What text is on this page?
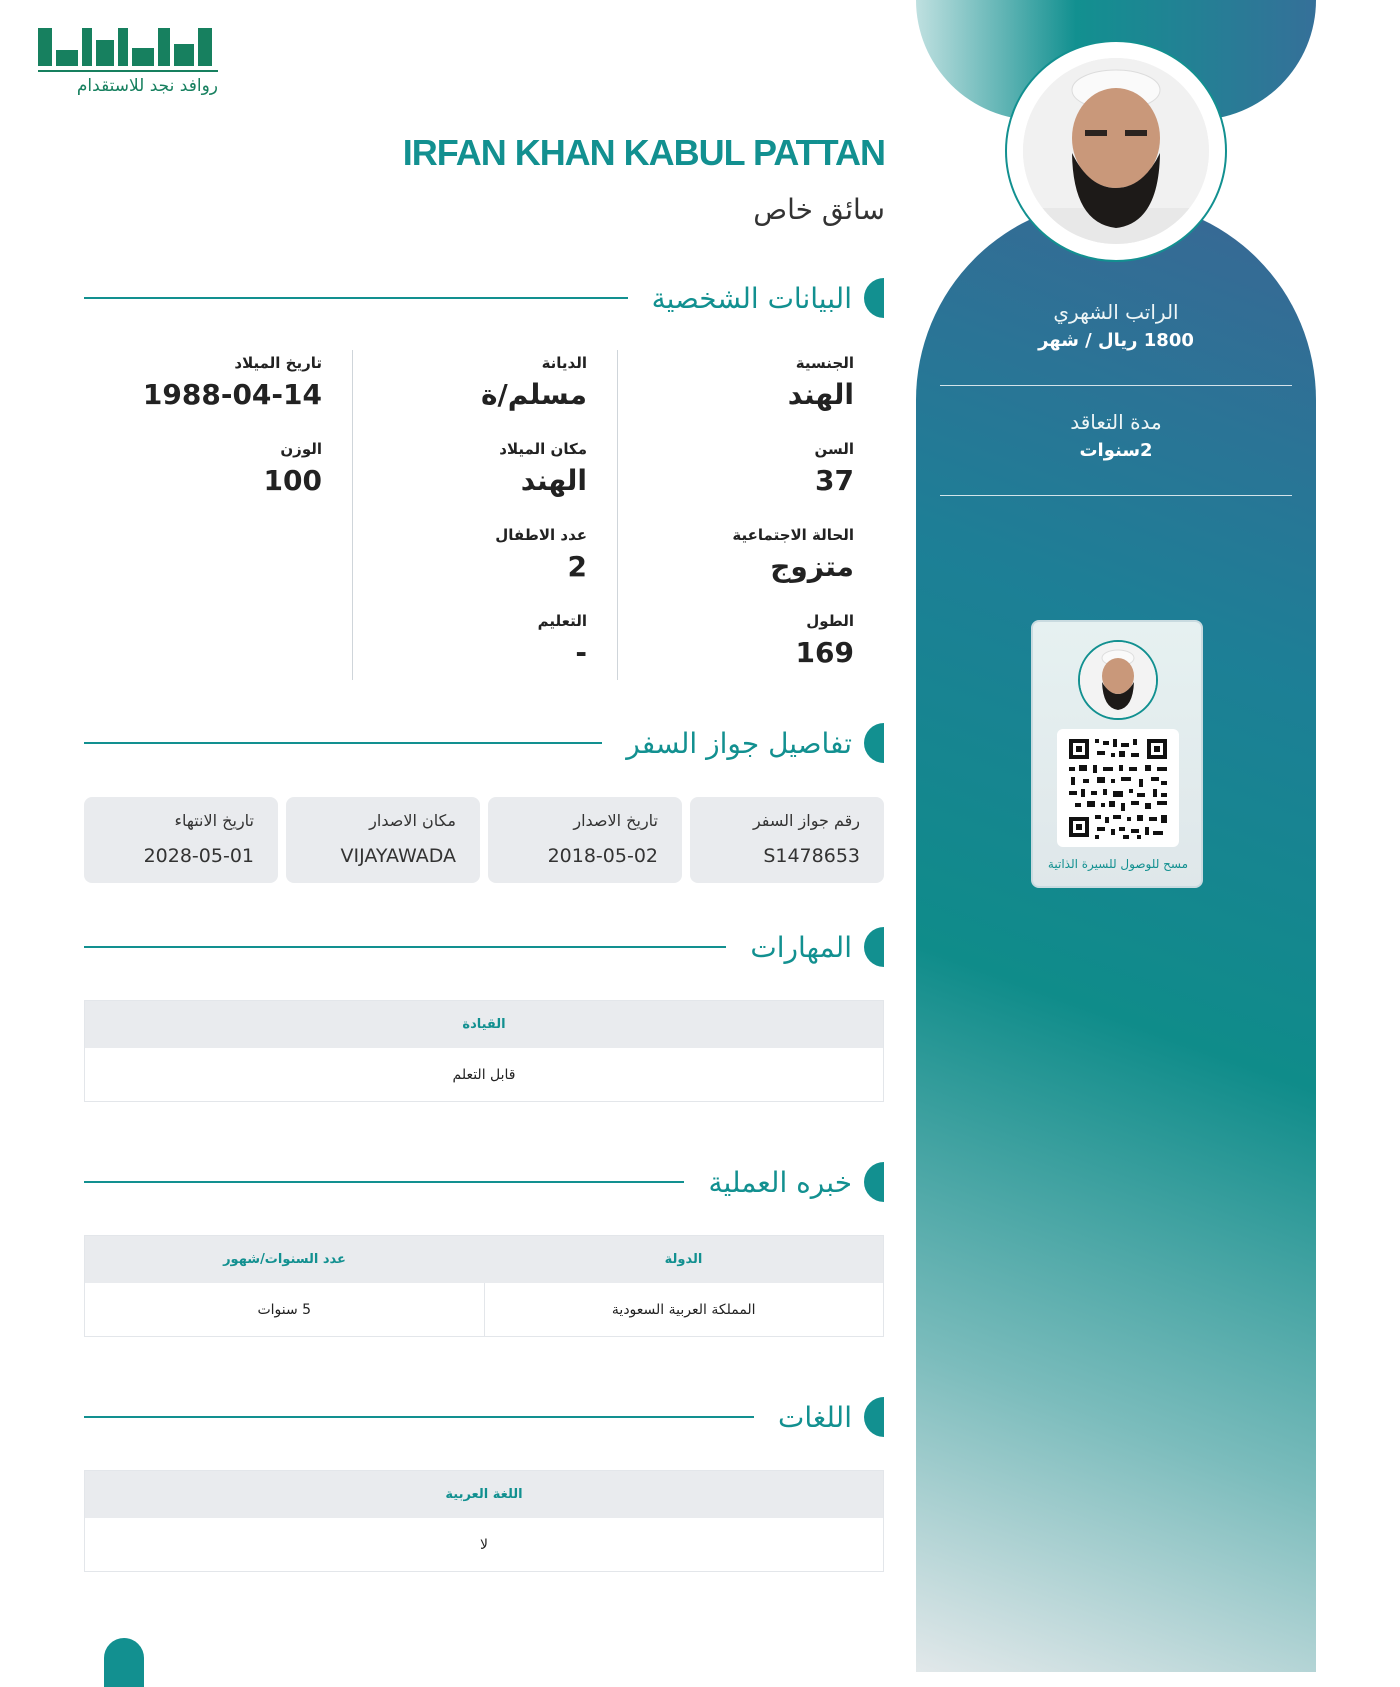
روافد نجد للاستقدام
IRFAN KHAN KABUL PATTAN
سائق خاص
البيانات الشخصية
الجنسية
الهند
السن
37
الحالة الاجتماعية
متزوج
الطول
169
الديانة
مسلم/ة
مكان الميلاد
الهند
عدد الاطفال
2
التعليم
-
تاريخ الميلاد
1988-04-14
الوزن
100
تفاصيل جواز السفر
رقم جواز السفر
S1478653
تاريخ الاصدار
2018-05-02
مكان الاصدار
VIJAYAWADA
تاريخ الانتهاء
2028-05-01
المهارات
القيادة
قابل التعلم
خبره العملية
الدولة
عدد السنوات/شهور
المملكة العربية السعودية
5 سنوات
اللغات
اللغة العربية
لا
الراتب الشهري
1800 ريال / شهر
مدة التعاقد
2سنوات
مسح للوصول للسيرة الذاتية
